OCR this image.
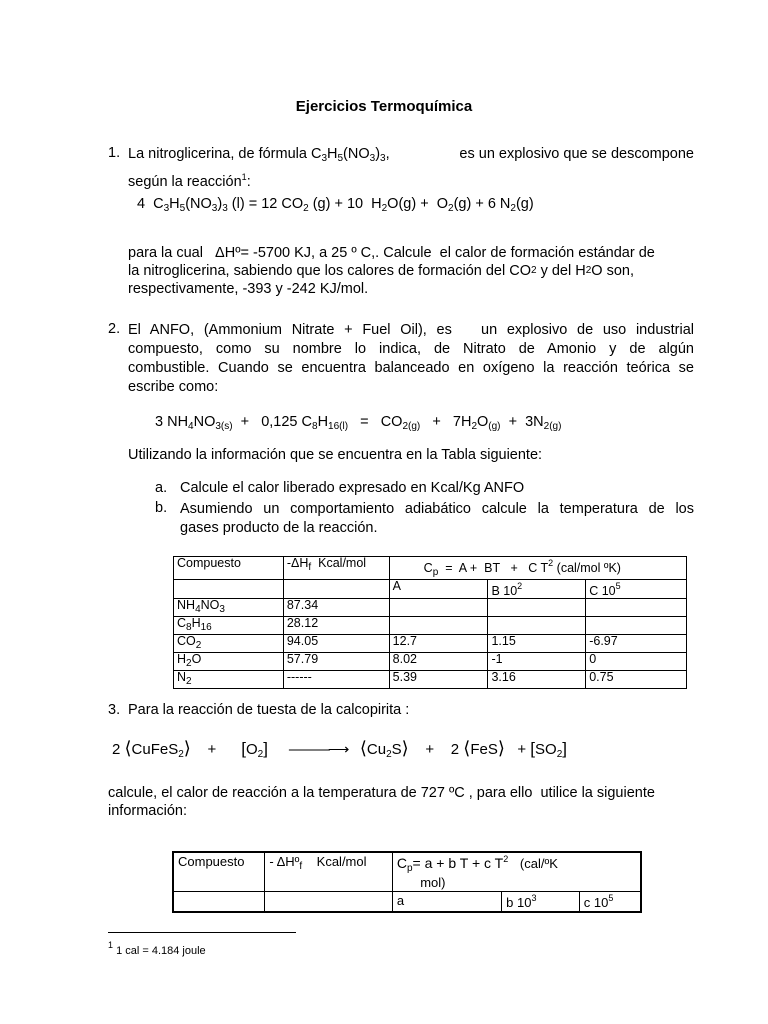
Ejercicios Termoquímica
1. La nitroglicerina, de fórmula $C_3H_5(NO_3)_3$,	es un explosivo que se descompone
según la reacción$^1$:
4  $C_3H_5(NO_3)_3$ (l) = 12 $CO_2$ (g) + 10  $H_2O(g) + O_2(g) + 6$ $N_2(g)$
para la cual   ΔHº= -5700 KJ, a 25 º C,. Calcule  el calor de formación estándar de
la nitroglicerina, sabiendo que los calores de formación del CO 2 y del H 2 O son,
respectivamente, -393 y -242 KJ/mol.
2. El ANFO, (Ammonium Nitrate + Fuel Oil), es   un explosivo de uso industrial
compuesto, como su nombre lo indica, de Nitrato de Amonio y de algún
combustible. Cuando se encuentra balanceado en oxígeno la reacción teórica se
escribe como:
3 $NH_4NO_{3(s)} + 0,125$ $C_8H_{16(l)} = CO_{2(g)} + 7H_2O_{(g)} + 3N_{2(g)}$
Utilizando la información que se encuentra en la Tabla siguiente:
a. Calcule el calor liberado expresado en Kcal/Kg ANFO
b. Asumiendo un comportamiento adiabático calcule la temperatura de los
gases producto de la reacción.
Compuesto	$-\Delta H_f$ Kcal/mol	$C_p = A$ +  BT   +   C $T^2$ (cal/mol ºK)		
		A	B $10^2$	C $10^5$
$NH_4NO_3$	87.34			
$C_8H_{16}$	28.12			
$CO_2$	94.05	12.7	1.15	-6.97
$H_2O$	57.79	8.02	-1	0
$N_2$	------	5.39	3.16	0.75
3. Para la reacción de tuesta de la calcopirita :
2 ⟨CuFeS$_2$⟩    +      $[O_2]$ ———⟶ $⟨Cu_2S⟩$    +    2 ⟨FeS⟩   + $[SO_2]$
calcule, el calor de reacción a la temperatura de 727 ºC , para ello  utilice la siguiente
información:
Compuesto	- ΔHº$_f$ Kcal/mol	$C_p= a + b$ T + c $T^2$ (cal/ºK
mol)		
		a	b $10^3$	c $10^5$
$^1$ 1 cal = 4.184 joule
